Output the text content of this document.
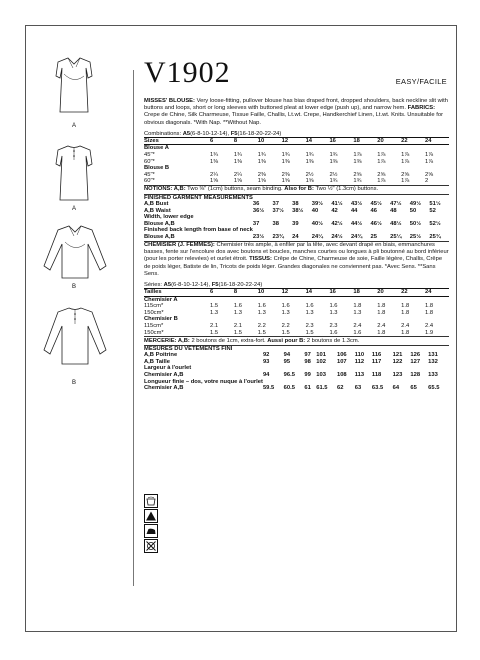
A
A
B
B
V1902	EASY/FACILE
MISSES' BLOUSE: Very loose-fitting, pullover blouse has bias draped front, dropped shoulders, back neckline slit with buttons and loops, short or long sleeves with buttoned pleat at lower edge (push up), and narrow hem. FABRICS: Crepe de Chine, Silk Charmeuse, Tissue Faille, Challis, Lt.wt. Crepe, Handkerchief Linen, Lt.wt. Knits. Unsuitable for obvious diagonals. *With Nap. **Without Nap.
Combinations: A5(6-8-10-12-14), F5(16-18-20-22-24)
Sizes	6	8	10	12	14	16	18	20	22	24
Blouse A										
45"*	1¾	1¾	1¾	1¾	1¾	1¾	1⅞	1⅞	1⅞	1⅞
60"*	1⅜	1⅜	1⅜	1⅜	1⅜	1⅜	1⅜	1⅞	1⅞	1⅞
Blouse B										
45"*	2¼	2¼	2⅜	2⅜	2½	2½	2⅝	2⅝	2⅝	2⅝
60"*	1⅝	1⅝	1⅝	1⅝	1⅝	1¾	1¾	1⅞	1⅞	2
NOTIONS: A,B: Two ⅜" (1cm) buttons, seam binding. Also for B: Two ½" (1.3cm) buttons.
FINISHED GARMENT MEASUREMENTS
A,B Bust	36	37	38	39½	41½	43½	45½	47½	49½	51½
A,B Waist	36½	37½	38½	40	42	44	46	48	50	52
Width, lower edge										
Blouse A,B	37	38	39	40½	42½	44½	46½	48½	50½	52½
Finished back length from base of neck										
Blouse A,B	23½	23¾	24	24¼	24½	24¾	25	25¼	25½	25¾
CHEMISIER (J. FEMMES): Chemisier très ample, à enfiler par la tête, avec devant drapé en biais, emmanchures basses, fente sur l'encolure dos avec boutons et boucles, manches courtes ou longues à pli boutonné au bord inférieur (pour les porter relevées) et ourlet étroit. TISSUS: Crêpe de Chine, Charmeuse de soie, Faille légère, Challis, Crêpe de poids léger, Batiste de lin, Tricots de poids léger. Grandes diagonales ne conviennent pas. *Avec Sens. **Sans Sens.
Séries: A5(6-8-10-12-14), F5(16-18-20-22-24)
Tailles	6	8	10	12	14	16	18	20	22	24
Chemisier A										
115cm*	1.5	1.6	1.6	1.6	1.6	1.6	1.8	1.8	1.8	1.8
150cm*	1.3	1.3	1.3	1.3	1.3	1.3	1.3	1.8	1.8	1.8
Chemisier B										
115cm*	2.1	2.1	2.2	2.2	2.3	2.3	2.4	2.4	2.4	2.4
150cm*	1.5	1.5	1.5	1.5	1.5	1.6	1.6	1.8	1.8	1.9
MERCERIE: A,B: 2 boutons de 1cm, extra-fort. Aussi pour B: 2 boutons de 1.3cm.
MESURES DU VÊTEMENTS FINI
A,B Poitrine	92	94	97	101	106	110	116	121	126	131
A,B Taille	93	95	98	102	107	112	117	122	127	132
Largeur à l'ourlet										
Chemisier A,B	94	96.5	99	103	108	113	118	123	128	133
Longueur finie – dos, votre nuque à l'ourlet										
Chemisier A,B	59.5	60.5	61	61.5	62	63	63.5	64	65	65.5
